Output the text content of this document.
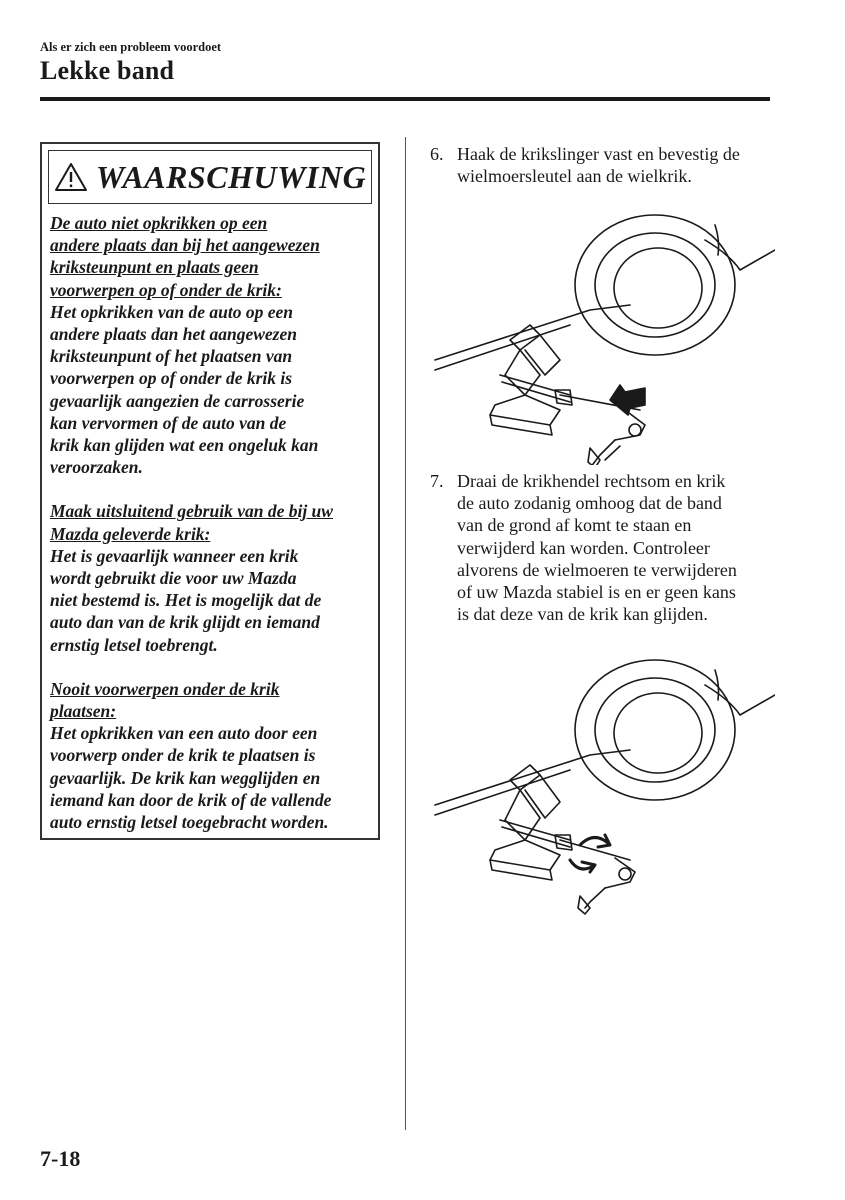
Als er zich een probleem voordoet
Lekke band
WAARSCHUWING
De auto niet opkrikken op een
andere plaats dan bij het aangewezen
kriksteunpunt en plaats geen
voorwerpen op of onder de krik:
Het opkrikken van de auto op een
andere plaats dan het aangewezen
kriksteunpunt of het plaatsen van
voorwerpen op of onder de krik is
gevaarlijk aangezien de carrosserie
kan vervormen of de auto van de
krik kan glijden wat een ongeluk kan
veroorzaken.
Maak uitsluitend gebruik van de bij uw
Mazda geleverde krik:
Het is gevaarlijk wanneer een krik
wordt gebruikt die voor uw Mazda
niet bestemd is. Het is mogelijk dat de
auto dan van de krik glijdt en iemand
ernstig letsel toebrengt.
Nooit voorwerpen onder de krik
plaatsen:
Het opkrikken van een auto door een
voorwerp onder de krik te plaatsen is
gevaarlijk. De krik kan wegglijden en
iemand kan door de krik of de vallende
auto ernstig letsel toegebracht worden.
6. Haak de krikslinger vast en bevestig de
wielmoersleutel aan de wielkrik.
7. Draai de krikhendel rechtsom en krik
de auto zodanig omhoog dat de band
van de grond af komt te staan en
verwijderd kan worden. Controleer
alvorens de wielmoeren te verwijderen
of uw Mazda stabiel is en er geen kans
is dat deze van de krik kan glijden.
7-18
